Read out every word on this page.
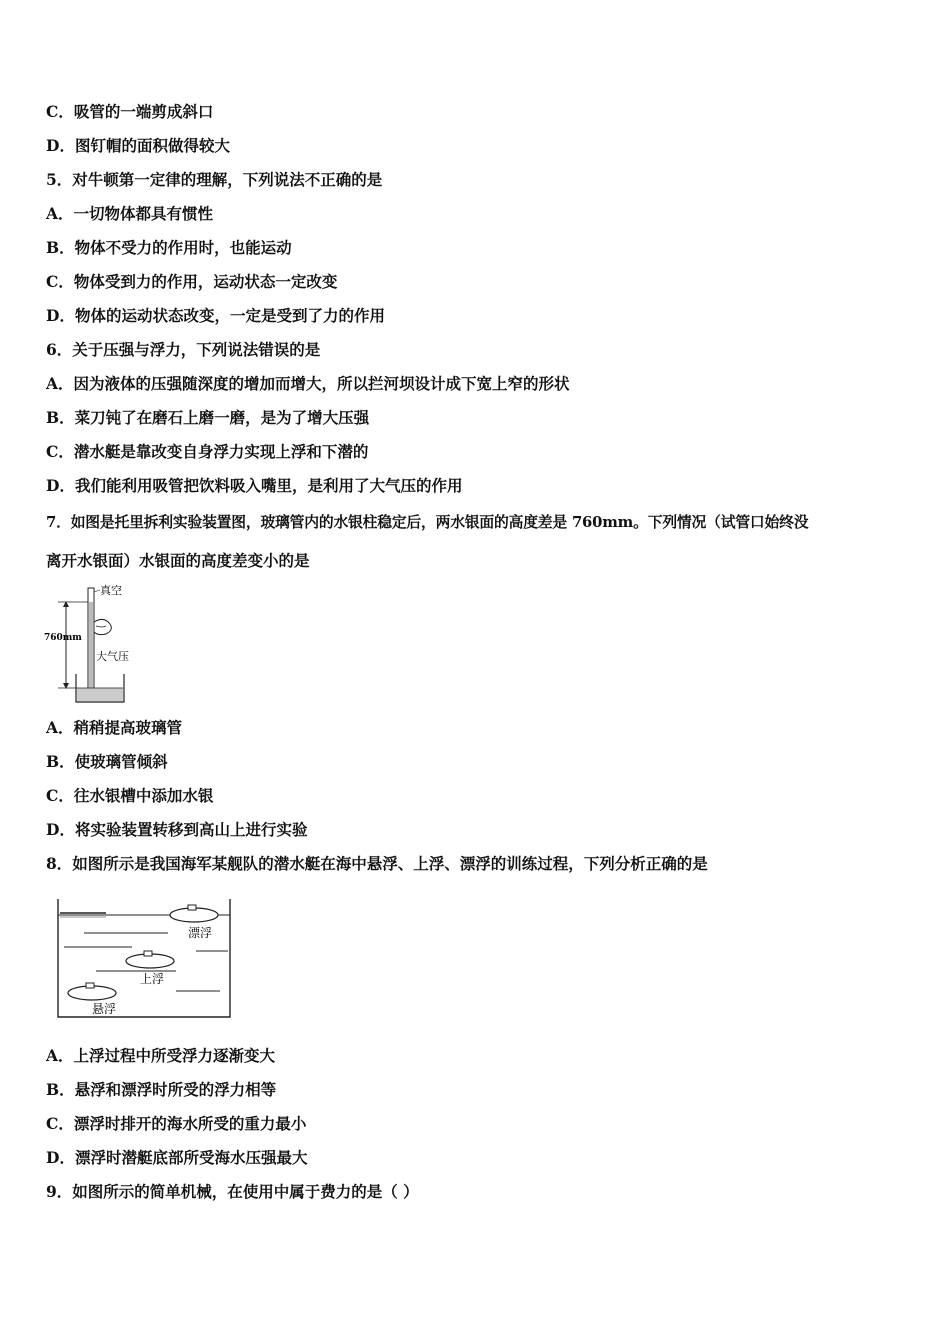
C．吸管的一端剪成斜口
D．图钉帽的面积做得较大
5．对牛顿第一定律的理解，下列说法不正确的是
A．一切物体都具有惯性
B．物体不受力的作用时，也能运动
C．物体受到力的作用，运动状态一定改变
D．物体的运动状态改变，一定是受到了力的作用
6．关于压强与浮力，下列说法错误的是
A．因为液体的压强随深度的增加而增大，所以拦河坝设计成下宽上窄的形状
B．菜刀钝了在磨石上磨一磨，是为了增大压强
C．潜水艇是靠改变自身浮力实现上浮和下潜的
D．我们能利用吸管把饮料吸入嘴里，是利用了大气压的作用
7．如图是托里拆利实验装置图，玻璃管内的水银柱稳定后，两水银面的高度差是 760mm。下列情况（试管口始终没
离开水银面）水银面的高度差变小的是
760mm
真空
大气压
A．稍稍提高玻璃管
B．使玻璃管倾斜
C．往水银槽中添加水银
D．将实验装置转移到高山上进行实验
8．如图所示是我国海军某舰队的潜水艇在海中悬浮、上浮、漂浮的训练过程，下列分析正确的是
漂浮
上浮
悬浮
A．上浮过程中所受浮力逐渐变大
B．悬浮和漂浮时所受的浮力相等
C．漂浮时排开的海水所受的重力最小
D．漂浮时潜艇底部所受海水压强最大
9．如图所示的简单机械，在使用中属于费力的是（ ）
